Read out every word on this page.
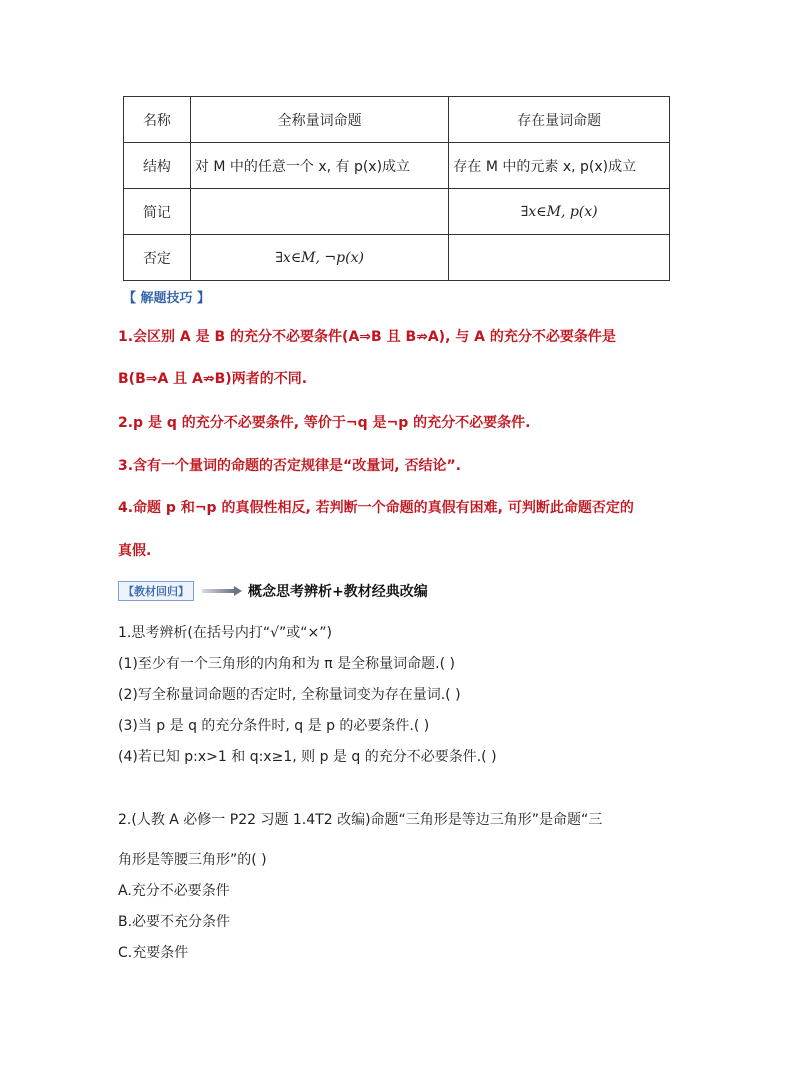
名称	全称量词命题	存在量词命题
结构	对 M 中的任意一个 x, 有 p(x)成立	存在 M 中的元素 x, p(x)成立
简记		∃x∈M, p(x)
否定	∃x∈M, ¬p(x)	
【 解题技巧 】
1.会区别 A 是 B 的充分不必要条件(A⇒B 且 B⇏A), 与 A 的充分不必要条件是
B(B⇒A 且 A⇏B)两者的不同.
2.p 是 q 的充分不必要条件, 等价于¬q 是¬p 的充分不必要条件.
3.含有一个量词的命题的否定规律是“改量词, 否结论”.
4.命题 p 和¬p 的真假性相反, 若判断一个命题的真假有困难, 可判断此命题否定的
真假.
【教材回归】	概念思考辨析+教材经典改编
1.思考辨析(在括号内打“√”或“×”)
(1)至少有一个三角形的内角和为 π 是全称量词命题.( )
(2)写全称量词命题的否定时, 全称量词变为存在量词.( )
(3)当 p 是 q 的充分条件时, q 是 p 的必要条件.( )
(4)若已知 p:x>1 和 q:x≥1, 则 p 是 q 的充分不必要条件.( )
2.(人教 A 必修一 P22 习题 1.4T2 改编)命题“三角形是等边三角形”是命题“三
角形是等腰三角形”的( )
A.充分不必要条件
B.必要不充分条件
C.充要条件
